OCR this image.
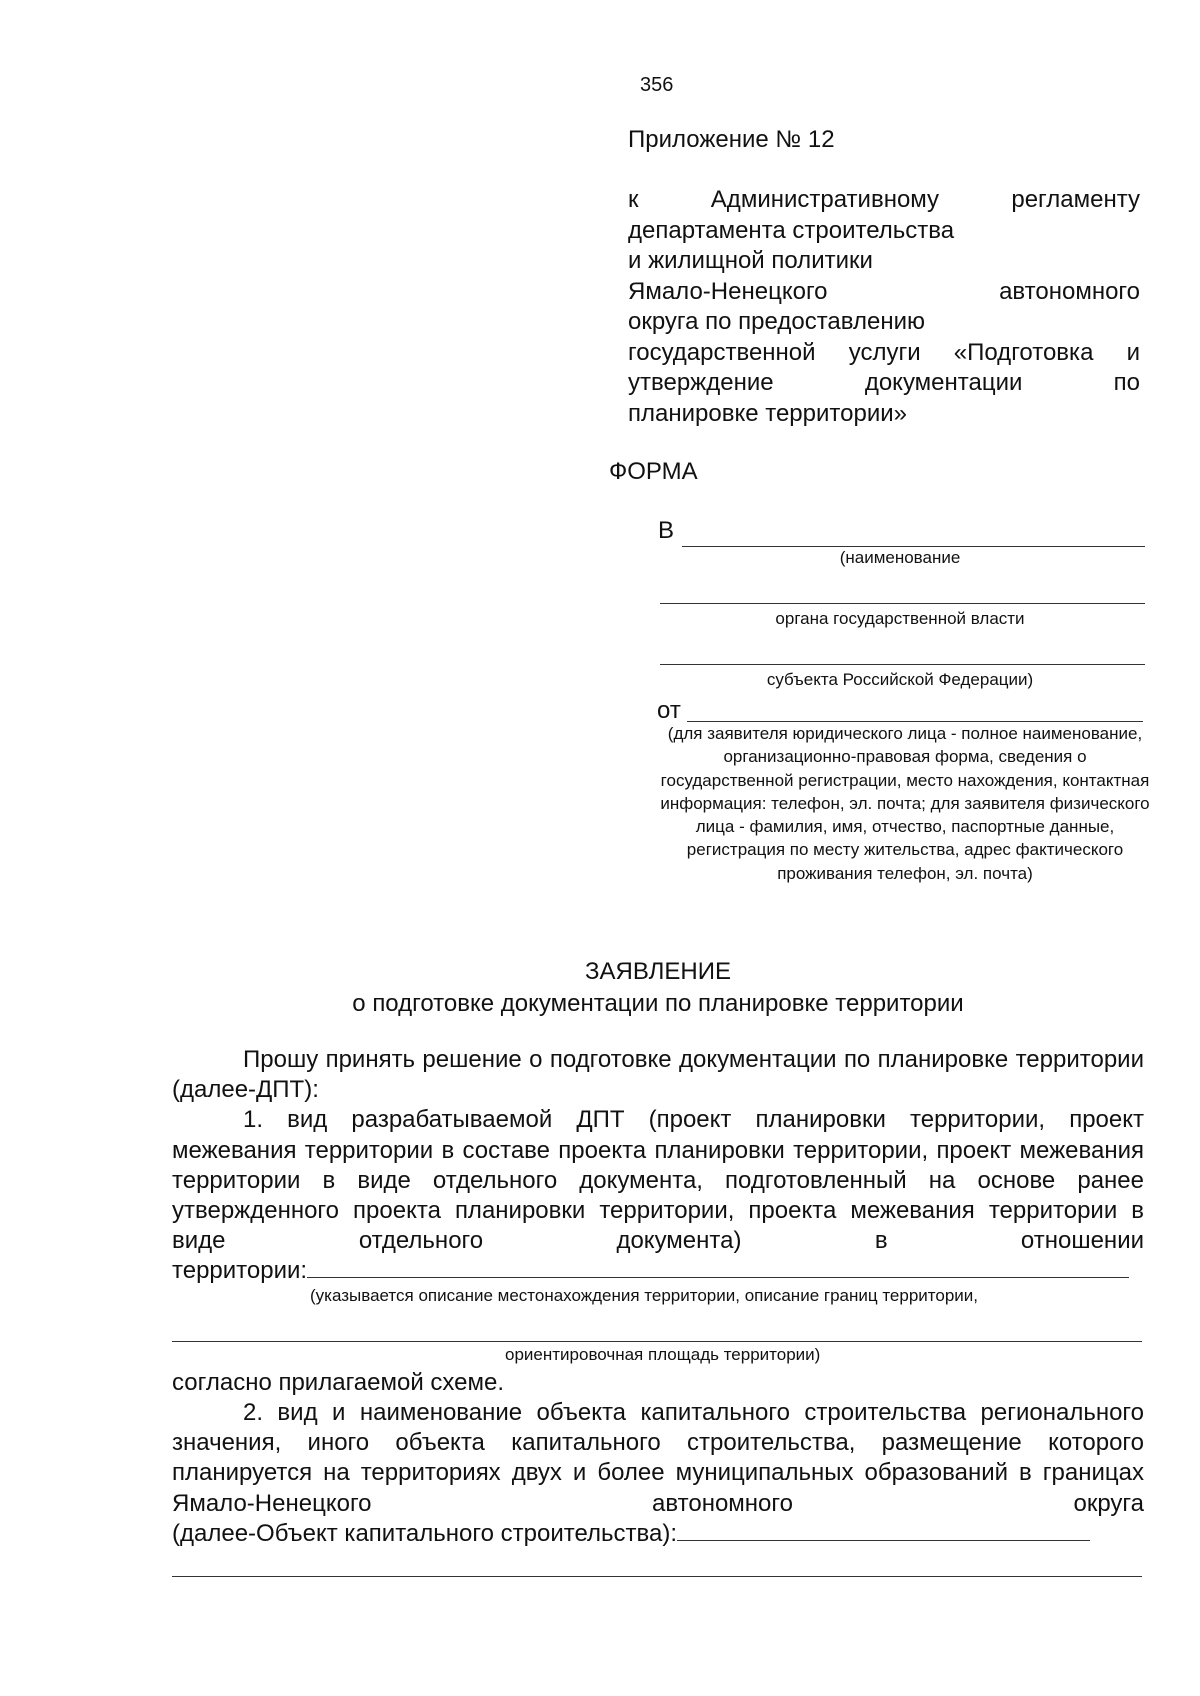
356
Приложение № 12
к Административному регламенту
департамента строительства
и жилищной политики
Ямало-Ненецкого автономного
округа по предоставлению
государственной услуги «Подготовка и
утверждение документации по
планировке территории»
ФОРМА
В
(наименование
органа государственной власти
субъекта Российской Федерации)
от
(для заявителя юридического лица - полное наименование, организационно-правовая форма, сведения о государственной регистрации, место нахождения, контактная информация: телефон, эл. почта; для заявителя физического лица - фамилия, имя, отчество, паспортные данные, регистрация по месту жительства, адрес фактического проживания телефон, эл. почта)
ЗАЯВЛЕНИЕ
о подготовке документации по планировке территории
Прошу принять решение о подготовке документации по планировке территории (далее-ДПТ):
1. вид разрабатываемой ДПТ (проект планировки территории, проект межевания территории в составе проекта планировки территории, проект межевания территории в виде отдельного документа, подготовленный на основе ранее утвержденного проекта планировки территории, проекта межевания территории в виде отдельного документа) в отношении
территории:
(указывается описание местонахождения территории, описание границ территории,
ориентировочная площадь территории)
согласно прилагаемой схеме.
2. вид и наименование объекта капитального строительства регионального значения, иного объекта капитального строительства, размещение которого планируется на территориях двух и более муниципальных образований в границах Ямало-Ненецкого автономного округа
(далее-Объект капитального строительства):
